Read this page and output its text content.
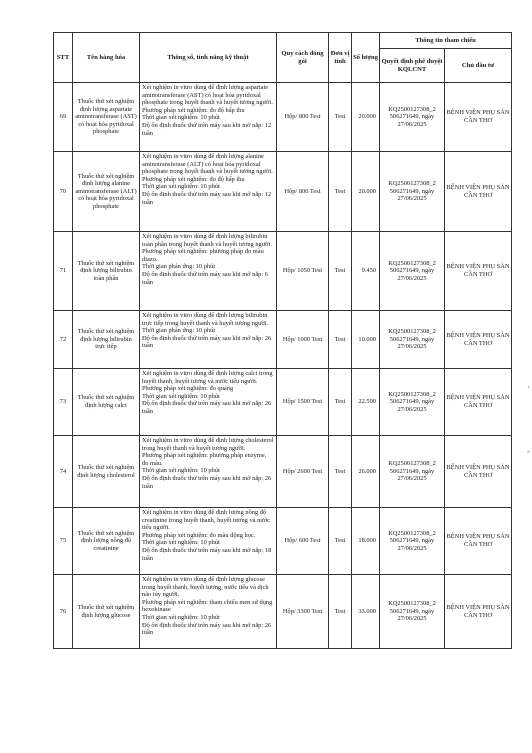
STT	Tên hàng hóa	Thông số, tính năng kỹ thuật	Quy cách đóng gói	Đơn vị tính	Số lượng	Thông tin tham chiếu	
						Quyết định phê duyệt KQLCNT	Chủ đầu tư
69	Thuốc thử xét nghiệm định lượng aspartate aminotransferase (AST) có hoạt hóa pyridoxal phosphate	Xét nghiệm in vitro dùng để định lượng aspartate aminotransferase (AST) có hoạt hóa pyridoxal phosphate trong huyết thanh và huyết tương người.
Phương pháp xét nghiệm: đo độ hấp thu
Thời gian xét nghiệm: 10 phút
Độ ổn định thuốc thử trên máy sau khi mở nắp: 12 tuần	Hộp/ 800 Test	Test	20.000	KQ2500127308_2 506271649, ngày 27/06/2025	BỆNH VIỆN PHỤ SẢN CẦN THƠ
70	Thuốc thử xét nghiệm định lượng alanine aminotransferase (ALT) có hoạt hóa pyridoxal phosphate	Xét nghiệm in vitro dùng để định lượng alanine aminotransferase (ALT) có hoạt hóa pyridoxal phosphate trong huyết thanh và huyết tương người.
Phương pháp xét nghiệm: đo độ hấp thu
Thời gian xét nghiệm: 10 phút
Độ ổn định thuốc thử trên máy sau khi mở nắp: 12 tuần	Hộp/ 800 Test	Test	20.000	KQ2500127308_2 506271649, ngày 27/06/2025	BỆNH VIỆN PHỤ SẢN CẦN THƠ
71	Thuốc thử xét nghiệm định lượng bilirubin toàn phần	Xét nghiệm in vitro dùng để định lượng bilirubin toàn phần trong huyết thanh và huyết tương người.
Phương pháp xét nghiệm: phương pháp đo màu diazo.
Thời gian phản ứng: 10 phút
Độ ổn định thuốc thử trên máy sau khi mở nắp: 6 tuần	Hộp/ 1050 Test	Test	9.450	KQ2500127308_2 506271649, ngày 27/06/2025	BỆNH VIỆN PHỤ SẢN CẦN THƠ
72	Thuốc thử xét nghiệm định lượng bilirubin trực tiếp	Xét nghiệm in vitro dùng để định lượng bilirubin trực tiếp trong huyết thanh và huyết tương người.
Thời gian phản ứng: 10 phút
Độ ổn định thuốc thử trên máy sau khi mở nắp: 26 tuần	Hộp/ 1000 Test	Test	10.000	KQ2500127308_2 506271649, ngày 27/06/2025	BỆNH VIỆN PHỤ SẢN CẦN THƠ
73	Thuốc thử xét nghiệm định lượng calci	Xét nghiệm in vitro dùng để định lượng calci trong huyết thanh, huyết tương và nước tiểu người.
Phương pháp xét nghiệm: đo quang
Thời gian xét nghiệm: 10 phút
Độ ổn định thuốc thử trên máy sau khi mở nắp: 26 tuần	Hộp/ 1500 Test	Test	22.500	KQ2500127308_2 506271649, ngày 27/06/2025	BỆNH VIỆN PHỤ SẢN CẦN THƠ
74	Thuốc thử xét nghiệm định lượng cholesterol	Xét nghiệm in vitro dùng để định lượng cholesterol trong huyết thanh và huyết tương người.
Phương pháp xét nghiệm: phương pháp enzyme, đo màu.
Thời gian xét nghiệm: 10 phút
Độ ổn định thuốc thử trên máy sau khi mở nắp: 26 tuần	Hộp/ 2600 Test	Test	26.000	KQ2500127308_2 506271649, ngày 27/06/2025	BỆNH VIỆN PHỤ SẢN CẦN THƠ
75	Thuốc thử xét nghiệm định lượng nồng độ creatinine	Xét nghiệm in vitro dùng để định lượng nồng độ creatinine trong huyết thanh, huyết tương và nước tiểu người.
Phương pháp xét nghiệm: đo màu động học.
Thời gian xét nghiệm: 10 phút
Độ ổn định thuốc thử trên máy sau khi mở nắp: 18 tuần	Hộp/ 600 Test	Test	18.000	KQ2500127308_2 506271649, ngày 27/06/2025	BỆNH VIỆN PHỤ SẢN CẦN THƠ
76	Thuốc thử xét nghiệm định lượng glucose	Xét nghiệm in vitro dùng để định lượng glucose trong huyết thanh, huyết tương, nước tiểu và dịch não tủy người.
Phương pháp xét nghiệm: tham chiếu men sử dụng hexokinase
Thời gian xét nghiệm: 10 phút
Độ ổn định thuốc thử trên máy sau khi mở nắp: 26 tuần	Hộp/ 3300 Test	Test	33.000	KQ2500127308_2 506271649, ngày 27/06/2025	BỆNH VIỆN PHỤ SẢN CẦN THƠ
·
-
